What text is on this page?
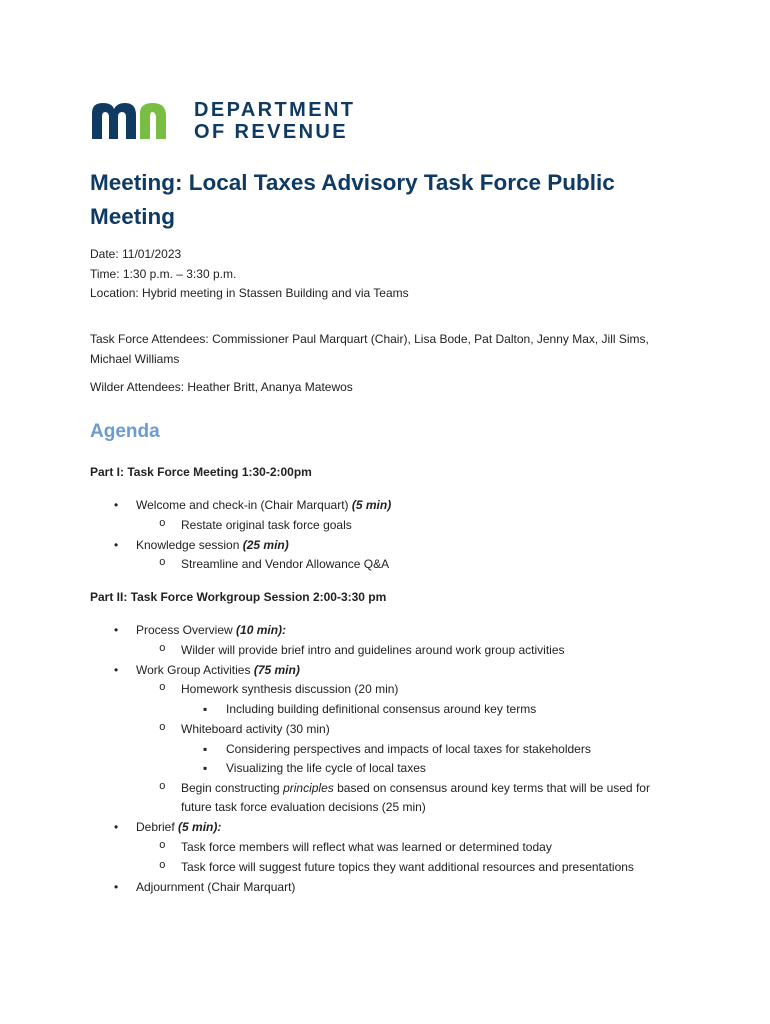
DEPARTMENT
OF REVENUE
Meeting: Local Taxes Advisory Task Force Public Meeting
Date: 11/01/2023
Time: 1:30 p.m. – 3:30 p.m.
Location: Hybrid meeting in Stassen Building and via Teams
Task Force Attendees: Commissioner Paul Marquart (Chair), Lisa Bode, Pat Dalton, Jenny Max, Jill Sims, Michael Williams
Wilder Attendees: Heather Britt, Ananya Matewos
Agenda
Part I: Task Force Meeting 1:30-2:00pm
• Welcome and check-in (Chair Marquart) (5 min)
o Restate original task force goals
• Knowledge session (25 min)
o Streamline and Vendor Allowance Q&A
Part II: Task Force Workgroup Session 2:00-3:30 pm
• Process Overview (10 min):
o Wilder will provide brief intro and guidelines around work group activities
• Work Group Activities (75 min)
o Homework synthesis discussion (20 min)
▪ Including building definitional consensus around key terms
o Whiteboard activity (30 min)
▪ Considering perspectives and impacts of local taxes for stakeholders
▪ Visualizing the life cycle of local taxes
o Begin constructing principles based on consensus around key terms that will be used for
future task force evaluation decisions (25 min)
• Debrief (5 min):
o Task force members will reflect what was learned or determined today
o Task force will suggest future topics they want additional resources and presentations
• Adjournment (Chair Marquart)
